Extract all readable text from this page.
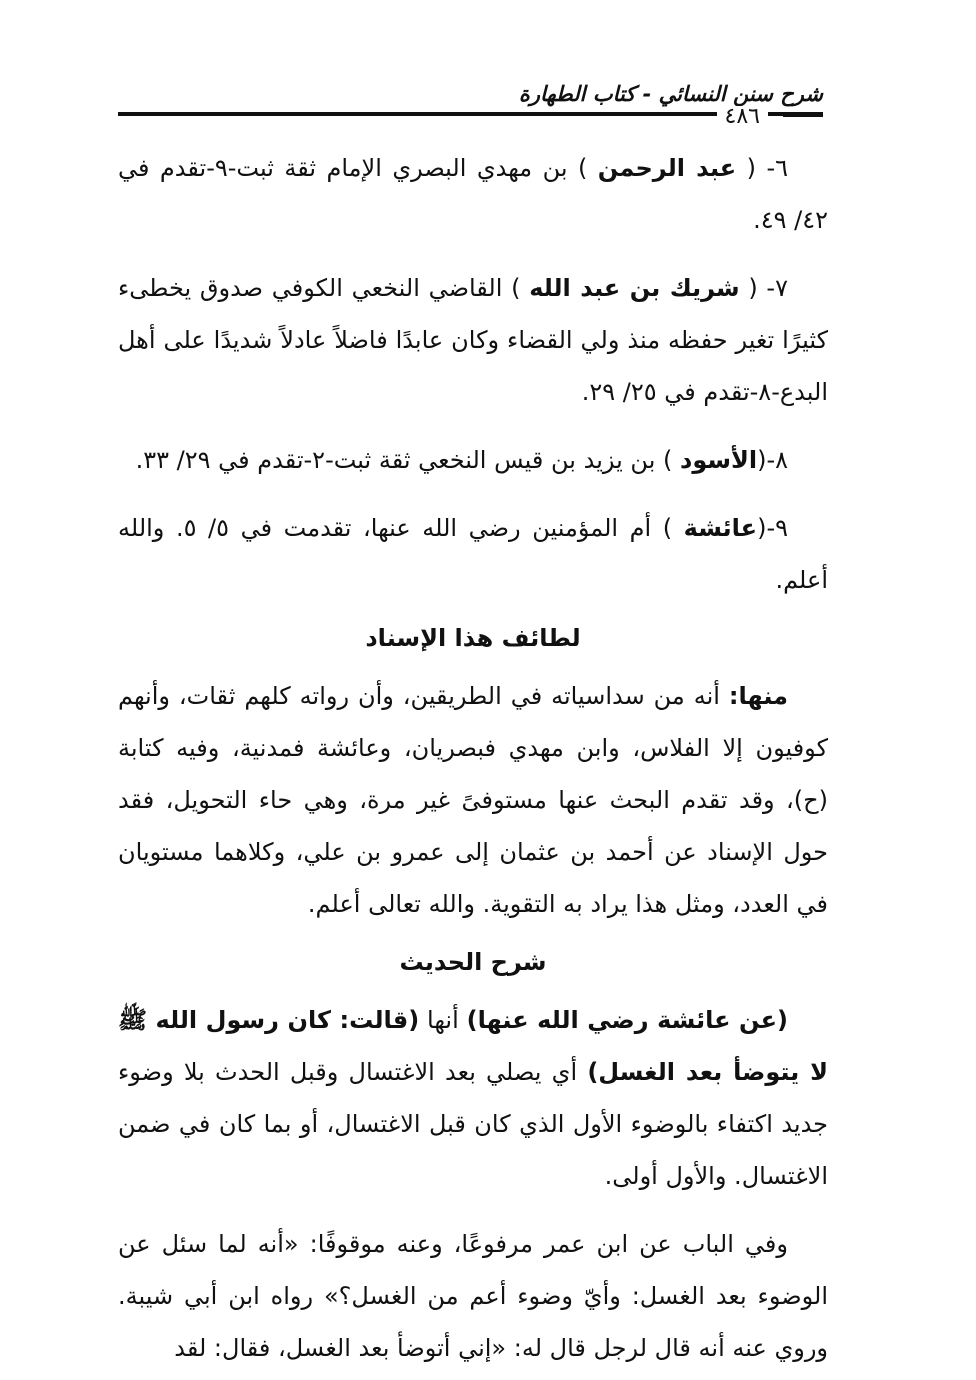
شرح سنن النسائي - كتاب الطهارة
٤٨٦

٦- ( عبد الرحمن ) بن مهدي البصري الإمام ثقة ثبت-٩-تقدم في ٤٢/ ٤٩.

٧- ( شريك بن عبد الله ) القاضي النخعي الكوفي صدوق يخطىء كثيرًا تغير حفظه منذ ولي القضاء وكان عابدًا فاضلاً عادلاً شديدًا على أهل البدع-٨-تقدم في ٢٥/ ٢٩.

٨-(الأسود ) بن يزيد بن قيس النخعي ثقة ثبت-٢-تقدم في ٢٩/ ٣٣.

٩-(عائشة ) أم المؤمنين رضي الله عنها، تقدمت في ٥/ ٥. والله أعلم.

لطائف هذا الإسناد

منها: أنه من سداسياته في الطريقين، وأن رواته كلهم ثقات، وأنهم كوفيون إلا الفلاس، وابن مهدي فبصريان، وعائشة فمدنية، وفيه كتابة (ح)، وقد تقدم البحث عنها مستوفىً غير مرة، وهي حاء التحويل، فقد حول الإسناد عن أحمد بن عثمان إلى عمرو بن علي، وكلاهما مستويان في العدد، ومثل هذا يراد به التقوية. والله تعالى أعلم.

شرح الحديث

(عن عائشة رضي الله عنها) أنها (قالت: كان رسول الله ﷺ لا يتوضأ بعد الغسل) أي يصلي بعد الاغتسال وقبل الحدث بلا وضوء جديد اكتفاء بالوضوء الأول الذي كان قبل الاغتسال، أو بما كان في ضمن الاغتسال. والأول أولى.

وفي الباب عن ابن عمر مرفوعًا، وعنه موقوفًا: «أنه لما سئل عن الوضوء بعد الغسل: وأيّ وضوء أعم من الغسل؟» رواه ابن أبي شيبة. وروي عنه أنه قال لرجل قال له: «إني أتوضأ بعد الغسل، فقال: لقد
